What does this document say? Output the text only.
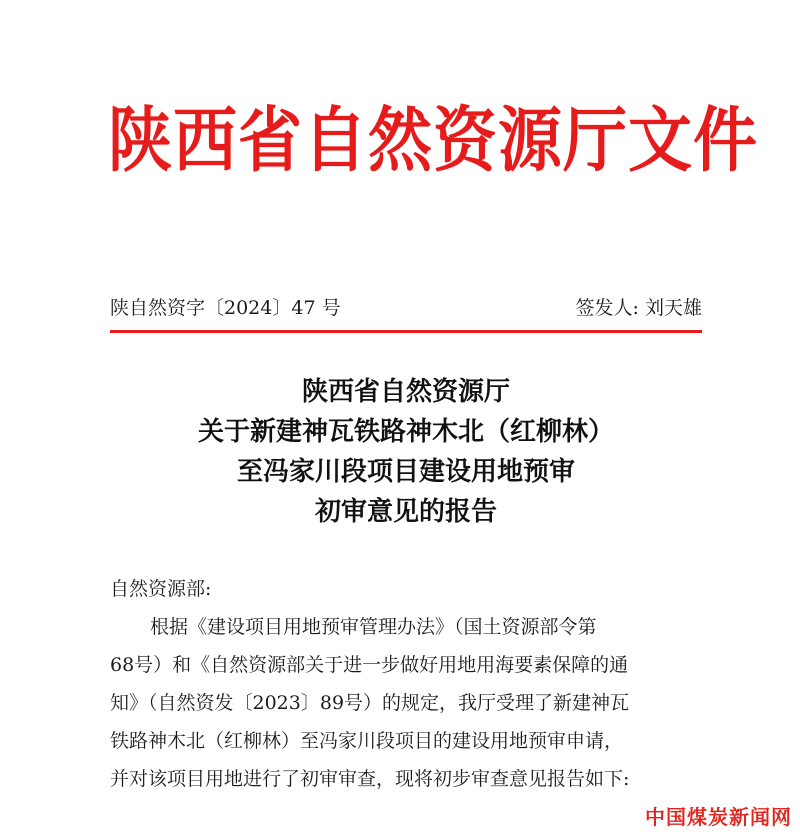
陕西省自然资源厅文件
陕自然资字〔2024〕47 号	签发人: 刘天雄
陕西省自然资源厅
关于新建神瓦铁路神木北（红柳林）
至冯家川段项目建设用地预审
初审意见的报告
自然资源部:
根据《建设项目用地预审管理办法》（国土资源部令第
68号）和《自然资源部关于进一步做好用地用海要素保障的通
知》（自然资发〔2023〕89号）的规定，我厅受理了新建神瓦
铁路神木北（红柳林）至冯家川段项目的建设用地预审申请，
并对该项目用地进行了初审审查，现将初步审查意见报告如下:
中国煤炭新闻网
